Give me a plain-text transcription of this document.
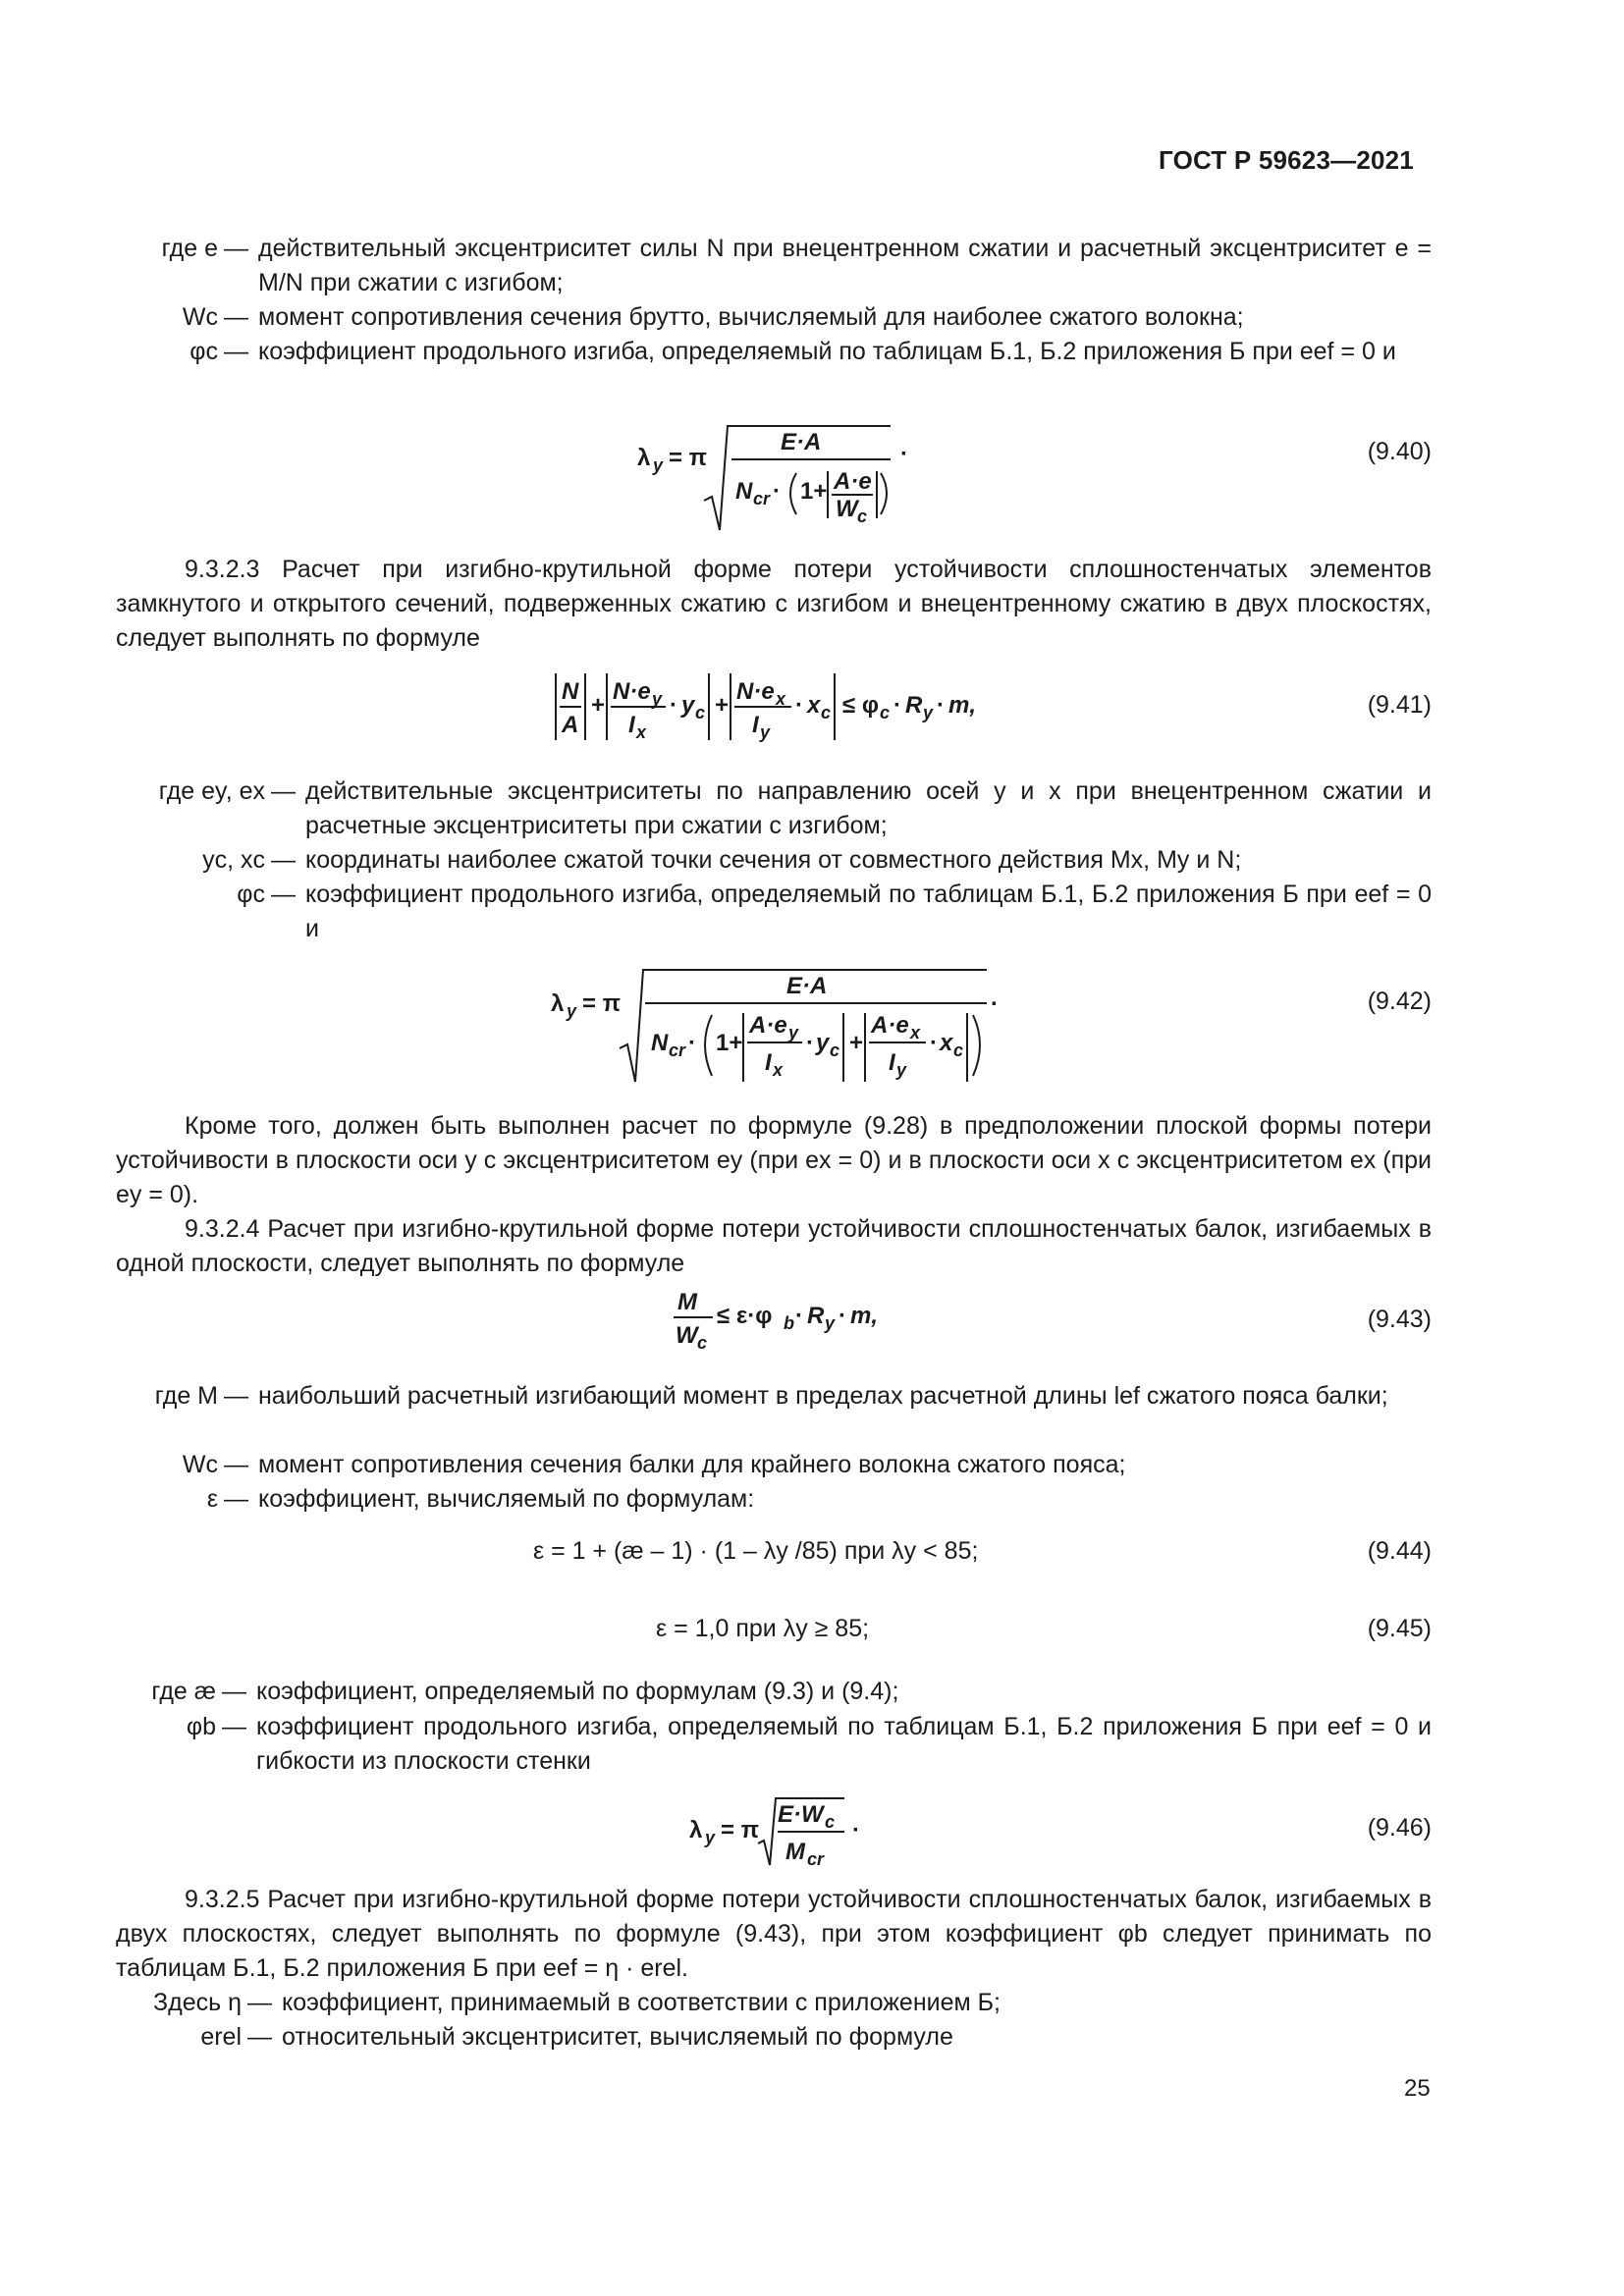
ГОСТ Р 59623—2021
где e — действительный эксцентриситет силы N при внецентренном сжатии и расчетный эксцентриситет e = M/N при сжатии с изгибом;
Wc — момент сопротивления сечения брутто, вычисляемый для наиболее сжатого волокна;
φc — коэффициент продольного изгиба, определяемый по таблицам Б.1, Б.2 приложения Б при eef = 0 и
λ y = π
E·A
N cr · 1+ A·e
W c
·	(9.40)
9.3.2.3 Расчет при изгибно-крутильной форме потери устойчивости сплошностенчатых элементов замкнутого и открытого сечений, подверженных сжатию с изгибом и внецентренному сжатию в двух плоскостях, следует выполнять по формуле
N
A
+
N·e y
I x
· y c +
N·e x
I y
· x c ≤ φ c · R y · m,	(9.41)
где ey, ex — действительные эксцентриситеты по направлению осей y и x при внецентренном сжатии и расчетные эксцентриситеты при сжатии с изгибом;
yc, xc — координаты наиболее сжатой точки сечения от совместного действия Mx, My и N;
φc — коэффициент продольного изгиба, определяемый по таблицам Б.1, Б.2 приложения Б при eef = 0 и
λ y = π
E·A
N cr · 1+
A·e y
I x
· y c +
A·e x
I y
· x c
.	(9.42)
Кроме того, должен быть выполнен расчет по формуле (9.28) в предположении плоской формы потери устойчивости в плоскости оси y с эксцентриситетом ey (при ex = 0) и в плоскости оси x с эксцентриситетом ex (при ey = 0).
9.3.2.4 Расчет при изгибно-крутильной форме потери устойчивости сплошностенчатых балок, изгибаемых в одной плоскости, следует выполнять по формуле
M
W c
≤ ε·φ b · R y · m,	(9.43)
где M — наибольший расчетный изгибающий момент в пределах расчетной длины lef сжатого пояса балки;
Wc — момент сопротивления сечения балки для крайнего волокна сжатого пояса;
ε — коэффициент, вычисляемый по формулам:
ε = 1 + (æ – 1) · (1 – λy /85) при λy < 85;	(9.44)
ε = 1,0 при λy ≥ 85;	(9.45)
где æ — коэффициент, определяемый по формулам (9.3) и (9.4);
φb — коэффициент продольного изгиба, определяемый по таблицам Б.1, Б.2 приложения Б при eef = 0 и гибкости из плоскости стенки
λ y = π
E·W c
M cr
·	(9.46)
9.3.2.5 Расчет при изгибно-крутильной форме потери устойчивости сплошностенчатых балок, изгибаемых в двух плоскостях, следует выполнять по формуле (9.43), при этом коэффициент φb следует принимать по таблицам Б.1, Б.2 приложения Б при eef = η · erel.
Здесь η — коэффициент, принимаемый в соответствии с приложением Б;
erel — относительный эксцентриситет, вычисляемый по формуле
25
